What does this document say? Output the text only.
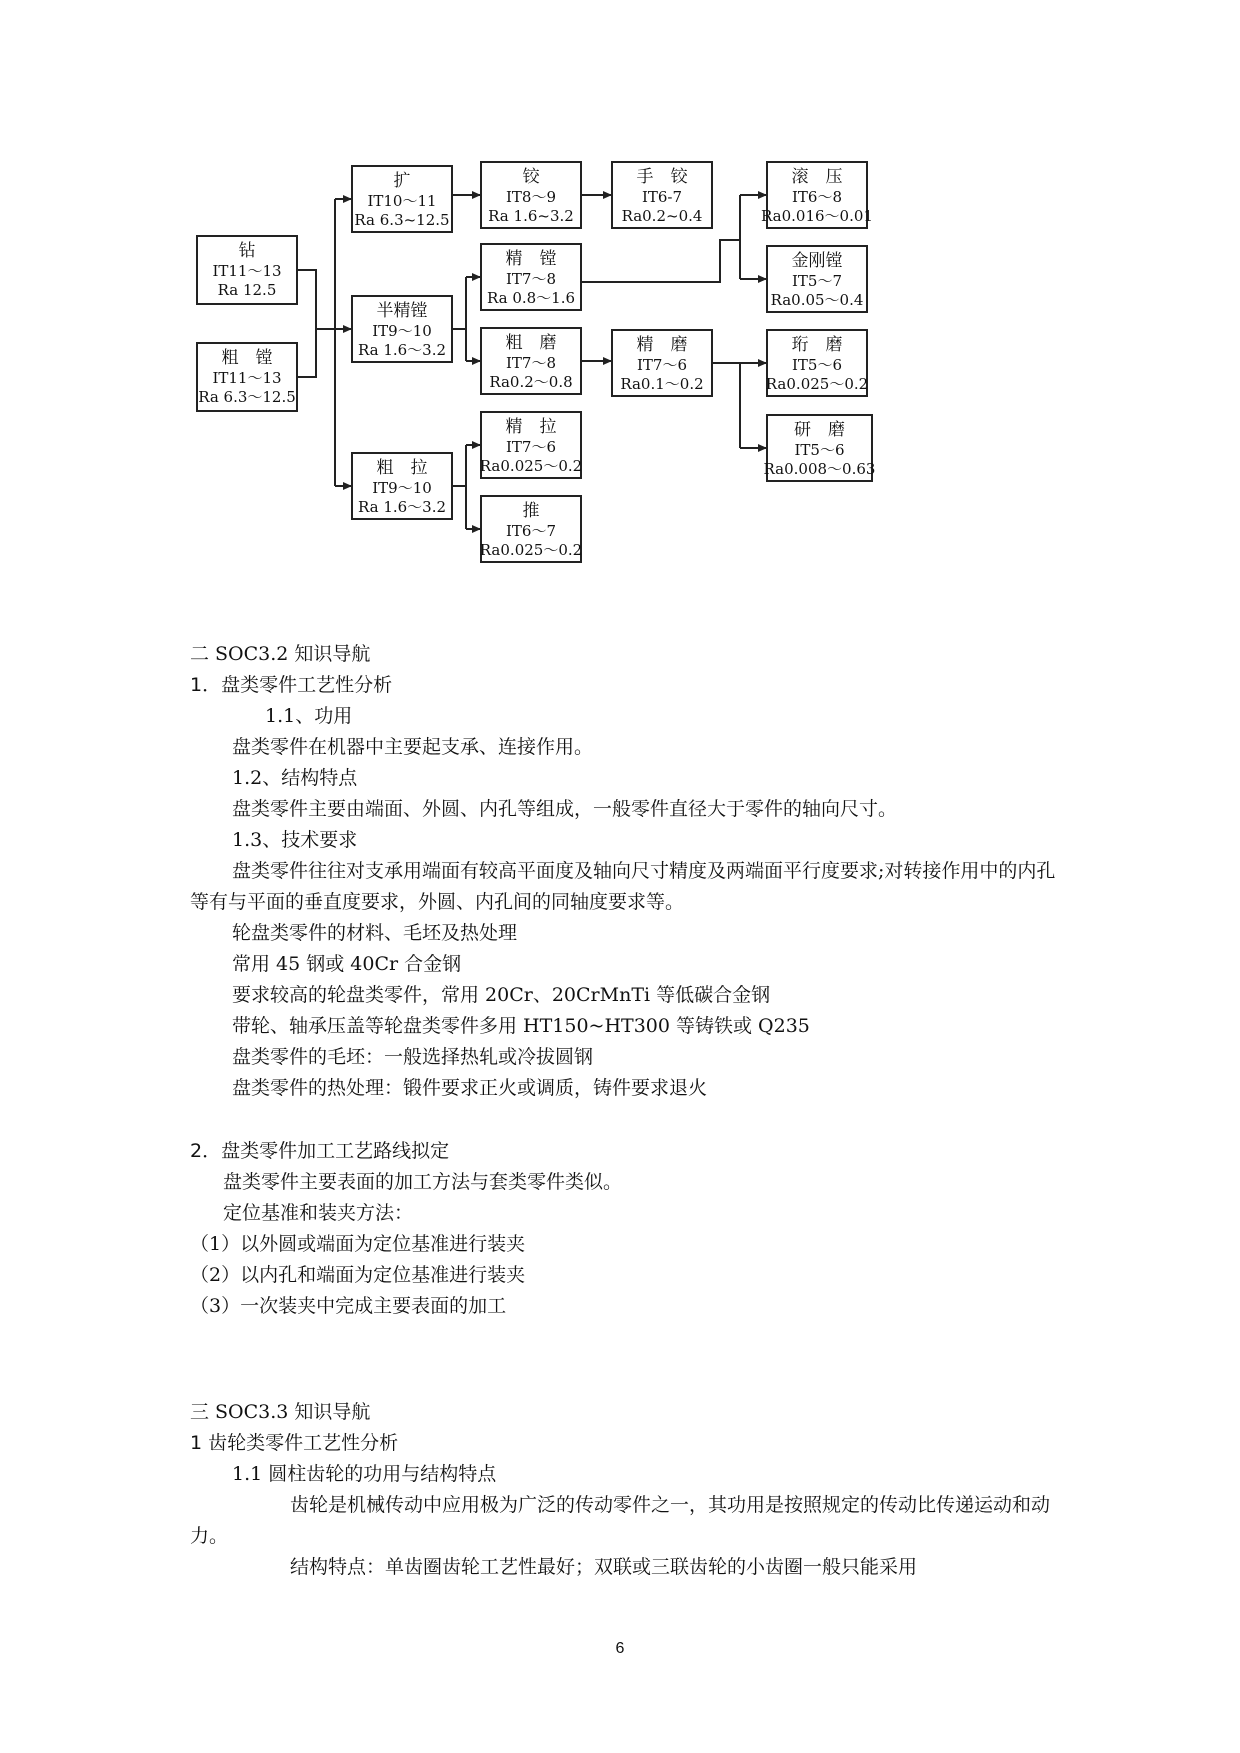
钻
IT11～13
Ra 12.5
粗　镗
IT11～13
Ra 6.3～12.5
扩
IT10～11
Ra 6.3~12.5
半精镗
IT9～10
Ra 1.6～3.2
粗　拉
IT9～10
Ra 1.6～3.2
铰
IT8～9
Ra 1.6~3.2
手　铰
IT6-7
Ra0.2~0.4
精　镗
IT7～8
Ra 0.8～1.6
粗　磨
IT7～8
Ra0.2～0.8
精　拉
IT7～6
Ra0.025～0.2
推
IT6～7
Ra0.025～0.2
精　磨
IT7～6
Ra0.1～0.2
滚　压
IT6～8
Ra0.016～0.01
金刚镗
IT5～7
Ra0.05～0.4
珩　磨
IT5～6
Ra0.025～0.2
研　磨
IT5～6
Ra0.008～0.63
二 SOC3.2 知识导航
1．盘类零件工艺性分析
1.1、功用
盘类零件在机器中主要起支承、连接作用。
1.2、结构特点
盘类零件主要由端面、外圆、内孔等组成，一般零件直径大于零件的轴向尺寸。
1.3、技术要求
盘类零件往往对支承用端面有较高平面度及轴向尺寸精度及两端面平行度要求;对转接作用中的内孔等有与平面的垂直度要求，外圆、内孔间的同轴度要求等。
轮盘类零件的材料、毛坯及热处理
常用 45 钢或 40Cr 合金钢
要求较高的轮盘类零件，常用 20Cr、20CrMnTi 等低碳合金钢
带轮、轴承压盖等轮盘类零件多用 HT150~HT300 等铸铁或 Q235
盘类零件的毛坯：一般选择热轧或冷拔圆钢
盘类零件的热处理：锻件要求正火或调质，铸件要求退火
2．盘类零件加工工艺路线拟定
盘类零件主要表面的加工方法与套类零件类似。
定位基准和装夹方法：
（1）以外圆或端面为定位基准进行装夹
（2）以内孔和端面为定位基准进行装夹
（3）一次装夹中完成主要表面的加工
三 SOC3.3 知识导航
1 齿轮类零件工艺性分析
1.1 圆柱齿轮的功用与结构特点
齿轮是机械传动中应用极为广泛的传动零件之一，其功用是按照规定的传动比传递运动和动力。
结构特点：单齿圈齿轮工艺性最好；双联或三联齿轮的小齿圈一般只能采用
6
